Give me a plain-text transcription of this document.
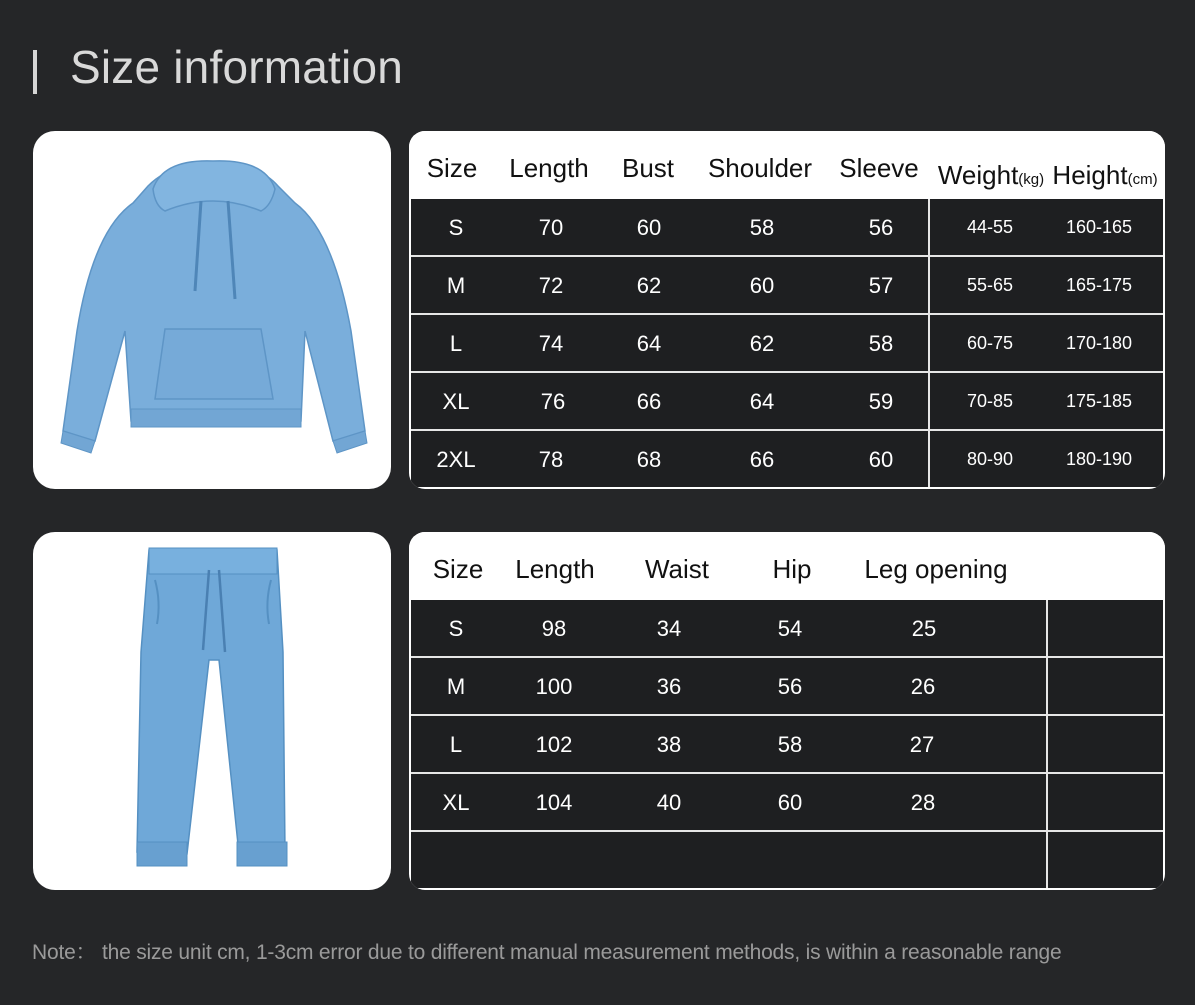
Size information
Size Length Bust Shoulder Sleeve Weight(kg) Height(cm)
S	70	60	58	56	44-55	160-165
M	72	62	60	57	55-65	165-175
L	74	64	62	58	60-75	170-180
XL	76	66	64	59	70-85	175-185
2XL	78	68	66	60	80-90	180-190
Size Length Waist Hip Leg opening
S	98	34	54	25
M	100	36	56	26
L	102	38	58	27
XL	104	40	60	28
Note： the size unit cm, 1-3cm error due to different manual measurement methods, is within a reasonable range
